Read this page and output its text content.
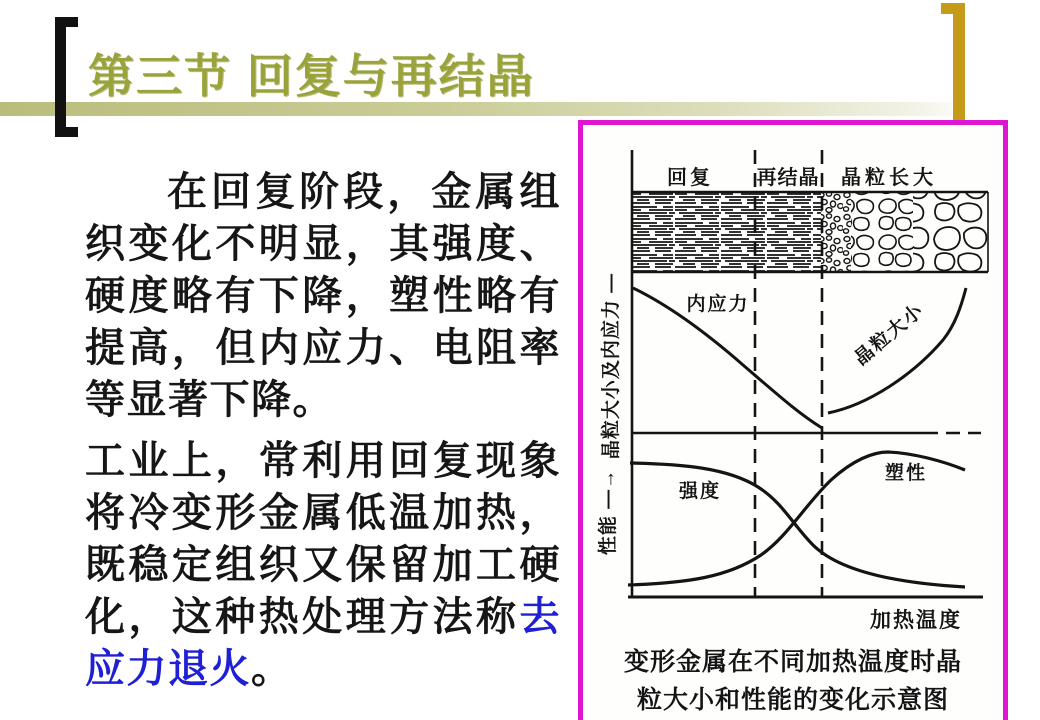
第三节 回复与再结晶

在回复阶段，金属组织变化不明显，其强度、硬度略有下降，塑性略有提高，但内应力、电阻率等显著下降。

工业上，常利用回复现象将冷变形金属低温加热，既稳定组织又保留加工硬化，这种热处理方法称去应力退火。

回复 再结晶 晶粒长大
内应力	晶粒大小
强度
塑性
晶粒大小及内应力 —
性能 —→
加热温度
变形金属在不同加热温度时晶
粒大小和性能的变化示意图
